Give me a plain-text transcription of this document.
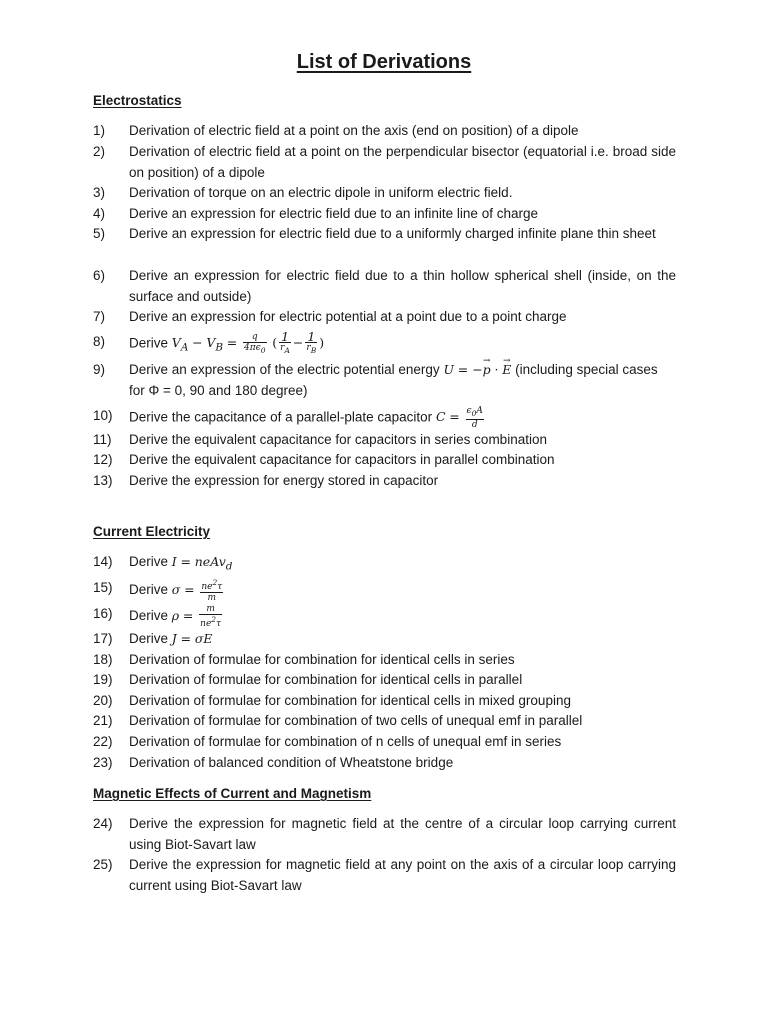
List of Derivations
Electrostatics
1) Derivation of electric field at a point on the axis (end on position) of a dipole
2) Derivation of electric field at a point on the perpendicular bisector (equatorial i.e. broad side on position) of a dipole
3) Derivation of torque on an electric dipole in uniform electric field.
4) Derive an expression for electric field due to an infinite line of charge
5) Derive an expression for electric field due to a uniformly charged infinite plane thin sheet
6) Derive an expression for electric field due to a thin hollow spherical shell (inside, on the surface and outside)
7) Derive an expression for electric potential at a point due to a point charge
8) Derive $V_A - V_B = \frac{q}{4\pi\epsilon_0}$ ( $\frac{1}{r_A} - \frac{1}{r_B}$ )
9) Derive an expression of the electric potential energy U = −→ p · → E (including special cases for Φ = 0, 90 and 180 degree)
10) Derive the capacitance of a parallel-plate capacitor $C = \frac{\epsilon_0A}{d}$
11) Derive the equivalent capacitance for capacitors in series combination
12) Derive the equivalent capacitance for capacitors in parallel combination
13) Derive the expression for energy stored in capacitor
Current Electricity
14) Derive I = neAv$_d$
15) Derive $\sigma = \frac{ne^2\tau}{m}$
16) Derive $\rho = \frac{m}{ne^2\tau}$
17) Derive J = σE
18) Derivation of formulae for combination for identical cells in series
19) Derivation of formulae for combination for identical cells in parallel
20) Derivation of formulae for combination for identical cells in mixed grouping
21) Derivation of formulae for combination of two cells of unequal emf in parallel
22) Derivation of formulae for combination of n cells of unequal emf in series
23) Derivation of balanced condition of Wheatstone bridge
Magnetic Effects of Current and Magnetism
24) Derive the expression for magnetic field at the centre of a circular loop carrying current using Biot-Savart law
25) Derive the expression for magnetic field at any point on the axis of a circular loop carrying current using Biot-Savart law
